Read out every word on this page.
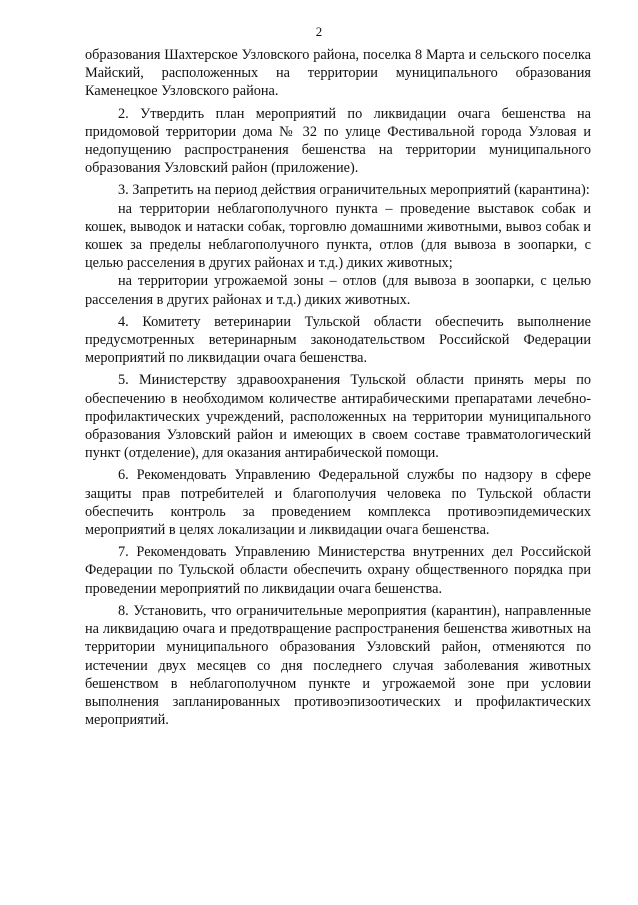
2

образования Шахтерское Узловского района, поселка 8 Марта и сельского поселка Майский, расположенных на территории муниципального образования Каменецкое Узловского района.

2. Утвердить план мероприятий по ликвидации очага бешенства на придомовой территории дома № 32 по улице Фестивальной города Узловая и недопущению распространения бешенства на территории муниципального образования Узловский район (приложение).

3. Запретить на период действия ограничительных мероприятий (карантина):

на территории неблагополучного пункта – проведение выставок собак и кошек, выводок и натаски собак, торговлю домашними животными, вывоз собак и кошек за пределы неблагополучного пункта, отлов (для вывоза в зоопарки, с целью расселения в других районах и т.д.) диких животных;

на территории угрожаемой зоны – отлов (для вывоза в зоопарки, с целью расселения в других районах и т.д.) диких животных.

4. Комитету ветеринарии Тульской области обеспечить выполнение предусмотренных ветеринарным законодательством Российской Федерации мероприятий по ликвидации очага бешенства.

5. Министерству здравоохранения Тульской области принять меры по обеспечению в необходимом количестве антирабическими препаратами лечебно-профилактических учреждений, расположенных на территории муниципального образования Узловский район и имеющих в своем составе травматологический пункт (отделение), для оказания антирабической помощи.

6. Рекомендовать Управлению Федеральной службы по надзору в сфере защиты прав потребителей и благополучия человека по Тульской области обеспечить контроль за проведением комплекса противоэпидемических мероприятий в целях локализации и ликвидации очага бешенства.

7. Рекомендовать Управлению Министерства внутренних дел Российской Федерации по Тульской области обеспечить охрану общественного порядка при проведении мероприятий по ликвидации очага бешенства.

8. Установить, что ограничительные мероприятия (карантин), направленные на ликвидацию очага и предотвращение распространения бешенства животных на территории муниципального образования Узловский район, отменяются по истечении двух месяцев со дня последнего случая заболевания животных бешенством в неблагополучном пункте и угрожаемой зоне при условии выполнения запланированных противоэпизоотических и профилактических мероприятий.
